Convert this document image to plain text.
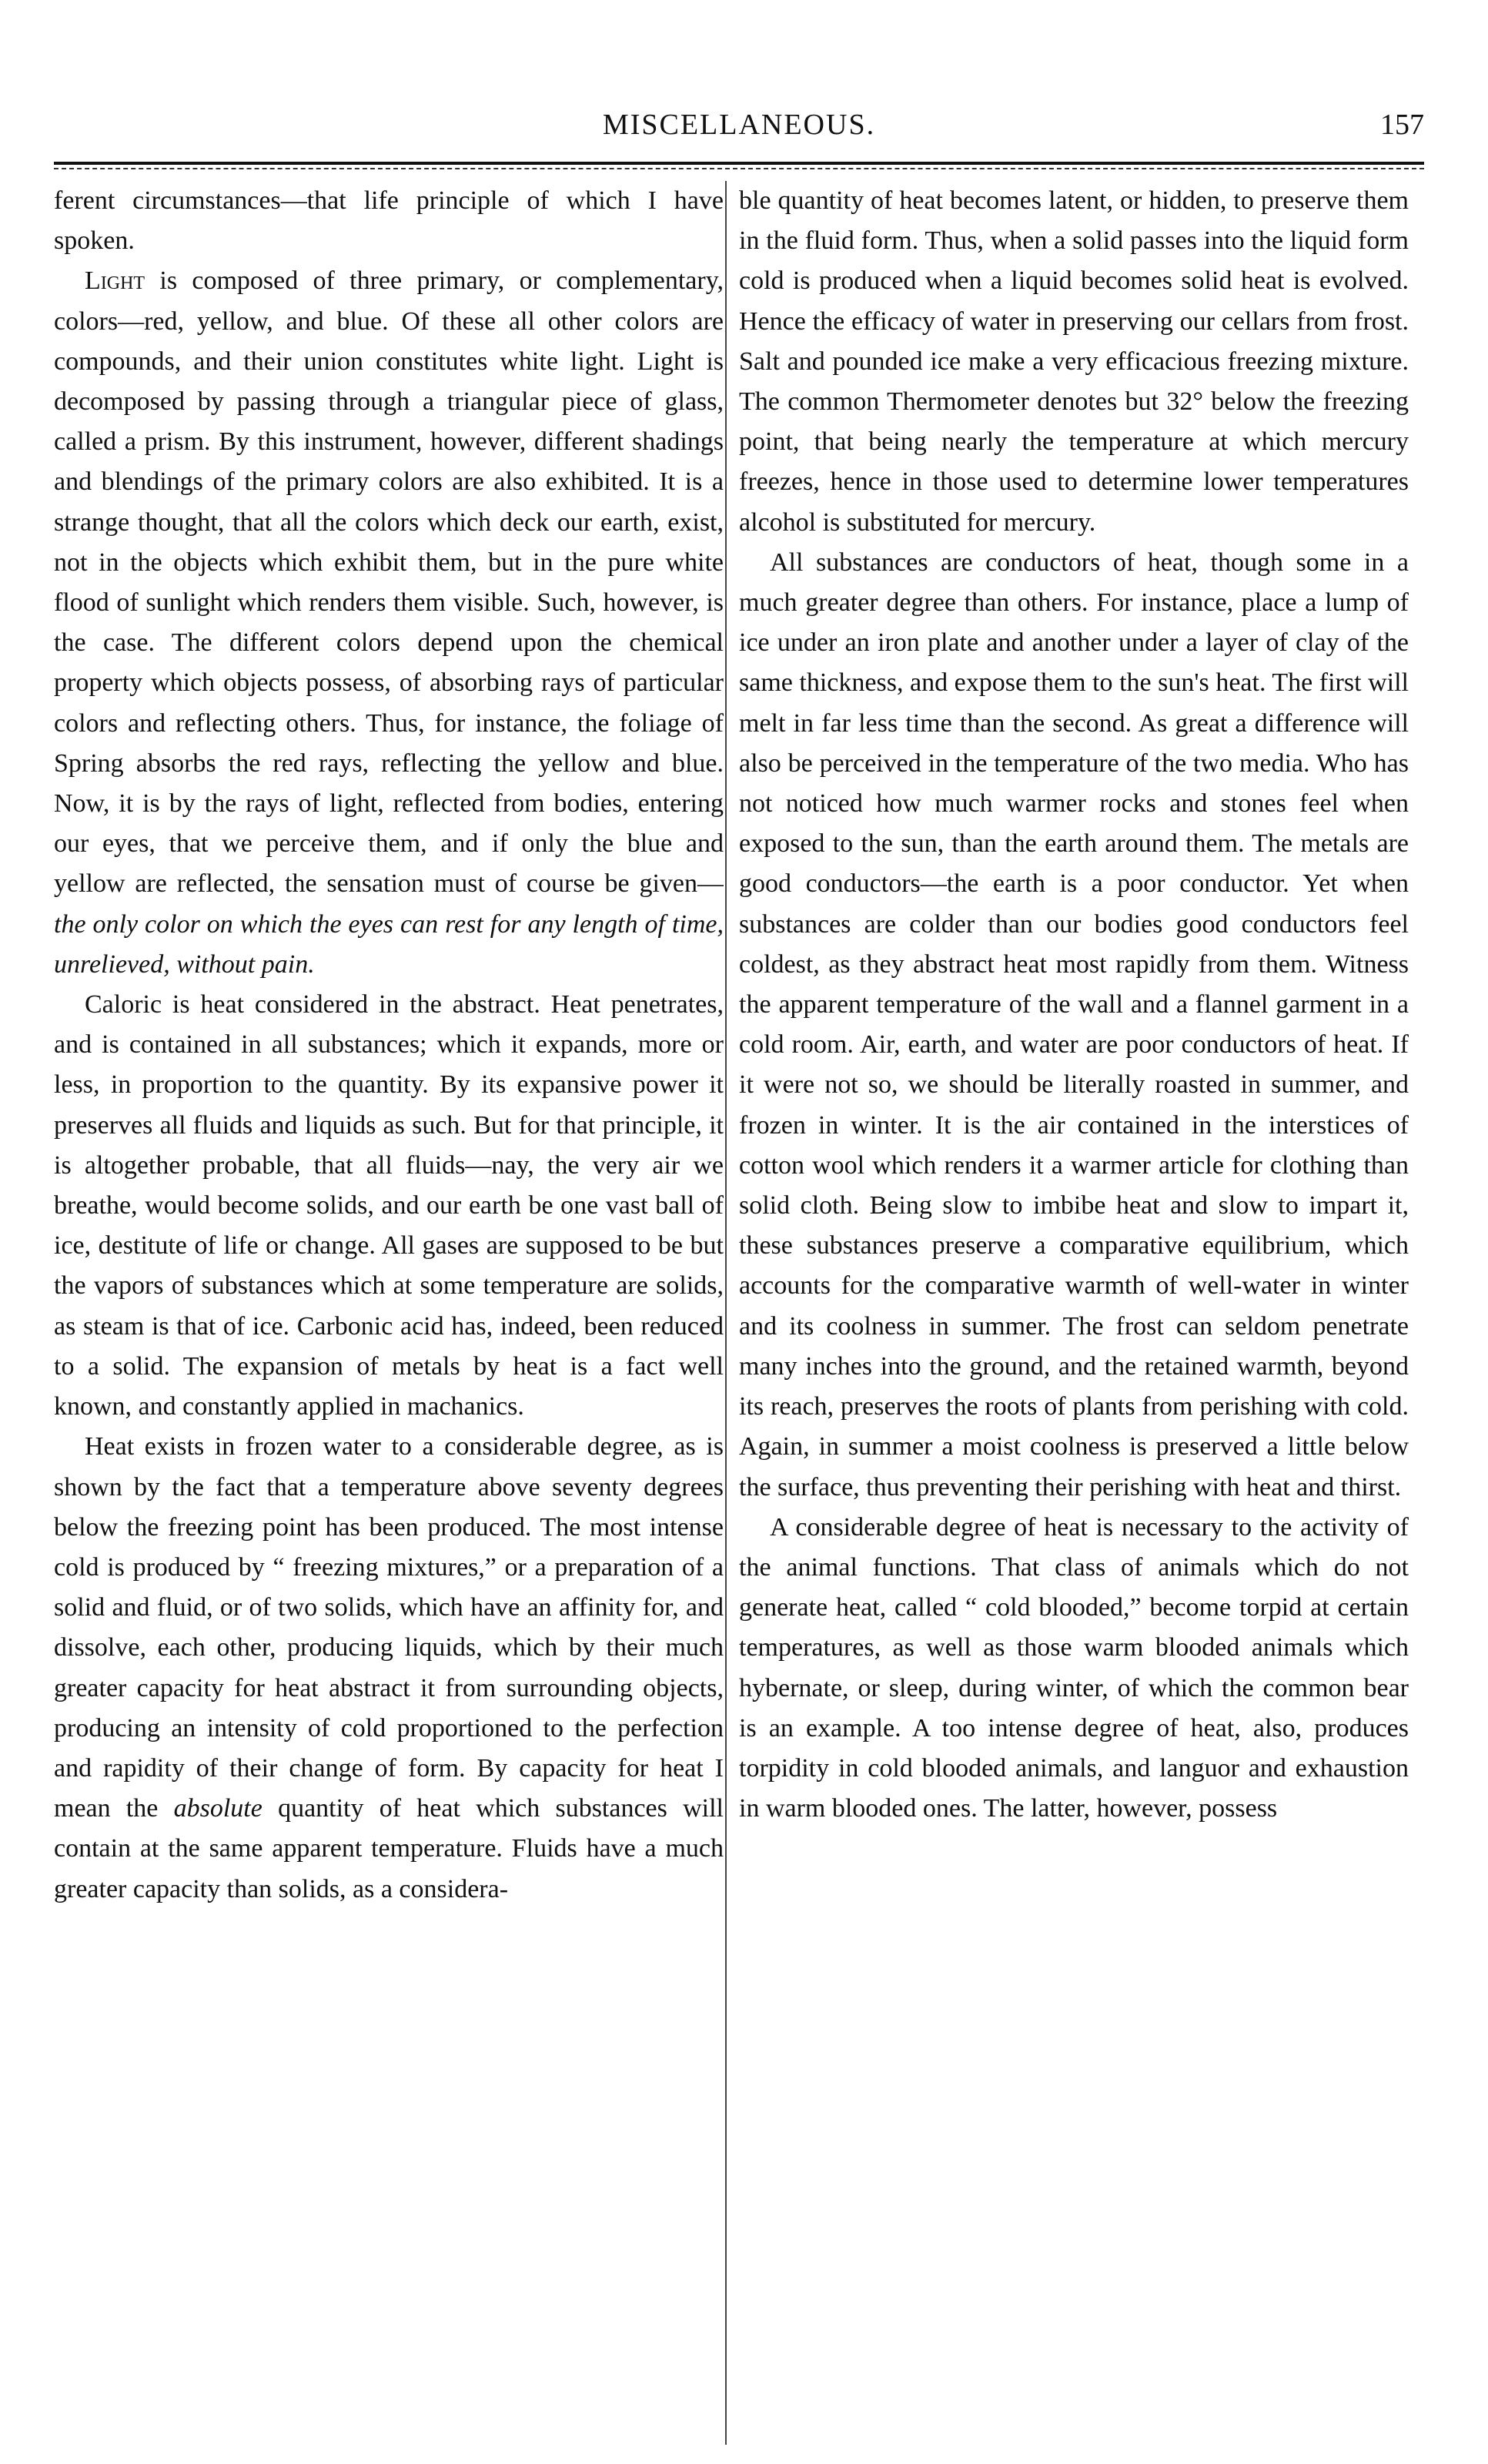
MISCELLANEOUS.	157

ferent circumstances—that life principle of which I have spoken.

Light is composed of three primary, or complementary, colors—red, yellow, and blue. Of these all other colors are compounds, and their union constitutes white light. Light is decomposed by passing through a triangular piece of glass, called a prism. By this instrument, however, different shadings and blendings of the primary colors are also exhibited. It is a strange thought, that all the colors which deck our earth, exist, not in the objects which exhibit them, but in the pure white flood of sunlight which renders them visible. Such, however, is the case. The different colors depend upon the chemical property which objects possess, of absorbing rays of particular colors and reflecting others. Thus, for instance, the foliage of Spring absorbs the red rays, reflecting the yellow and blue. Now, it is by the rays of light, reflected from bodies, entering our eyes, that we perceive them, and if only the blue and yellow are reflected, the sensation must of course be given—the only color on which the eyes can rest for any length of time, unrelieved, without pain.

Caloric is heat considered in the abstract. Heat penetrates, and is contained in all substances; which it expands, more or less, in proportion to the quantity. By its expansive power it preserves all fluids and liquids as such. But for that principle, it is altogether probable, that all fluids—nay, the very air we breathe, would become solids, and our earth be one vast ball of ice, destitute of life or change. All gases are supposed to be but the vapors of substances which at some temperature are solids, as steam is that of ice. Carbonic acid has, indeed, been reduced to a solid. The expansion of metals by heat is a fact well known, and constantly applied in machanics.

Heat exists in frozen water to a considerable degree, as is shown by the fact that a temperature above seventy degrees below the freezing point has been produced. The most intense cold is produced by “ freezing mixtures,” or a preparation of a solid and fluid, or of two solids, which have an affinity for, and dissolve, each other, producing liquids, which by their much greater capacity for heat abstract it from surrounding objects, producing an intensity of cold proportioned to the perfection and rapidity of their change of form. By capacity for heat I mean the absolute quantity of heat which substances will contain at the same apparent temperature. Fluids have a much greater capacity than solids, as a considera-

ble quantity of heat becomes latent, or hidden, to preserve them in the fluid form. Thus, when a solid passes into the liquid form cold is produced when a liquid becomes solid heat is evolved. Hence the efficacy of water in preserving our cellars from frost. Salt and pounded ice make a very efficacious freezing mixture. The common Thermometer denotes but 32° below the freezing point, that being nearly the temperature at which mercury freezes, hence in those used to determine lower temperatures alcohol is substituted for mercury.

All substances are conductors of heat, though some in a much greater degree than others. For instance, place a lump of ice under an iron plate and another under a layer of clay of the same thickness, and expose them to the sun's heat. The first will melt in far less time than the second. As great a difference will also be perceived in the temperature of the two media. Who has not noticed how much warmer rocks and stones feel when exposed to the sun, than the earth around them. The metals are good conductors—the earth is a poor conductor. Yet when substances are colder than our bodies good conductors feel coldest, as they abstract heat most rapidly from them. Witness the apparent temperature of the wall and a flannel garment in a cold room. Air, earth, and water are poor conductors of heat. If it were not so, we should be literally roasted in summer, and frozen in winter. It is the air contained in the interstices of cotton wool which renders it a warmer article for clothing than solid cloth. Being slow to imbibe heat and slow to impart it, these substances preserve a comparative equilibrium, which accounts for the comparative warmth of well-water in winter and its coolness in summer. The frost can seldom penetrate many inches into the ground, and the retained warmth, beyond its reach, preserves the roots of plants from perishing with cold. Again, in summer a moist coolness is preserved a little below the surface, thus preventing their perishing with heat and thirst.

A considerable degree of heat is necessary to the activity of the animal functions. That class of animals which do not generate heat, called “ cold blooded,” become torpid at certain temperatures, as well as those warm blooded animals which hybernate, or sleep, during winter, of which the common bear is an example. A too intense degree of heat, also, produces torpidity in cold blooded animals, and languor and exhaustion in warm blooded ones. The latter, however, possess
